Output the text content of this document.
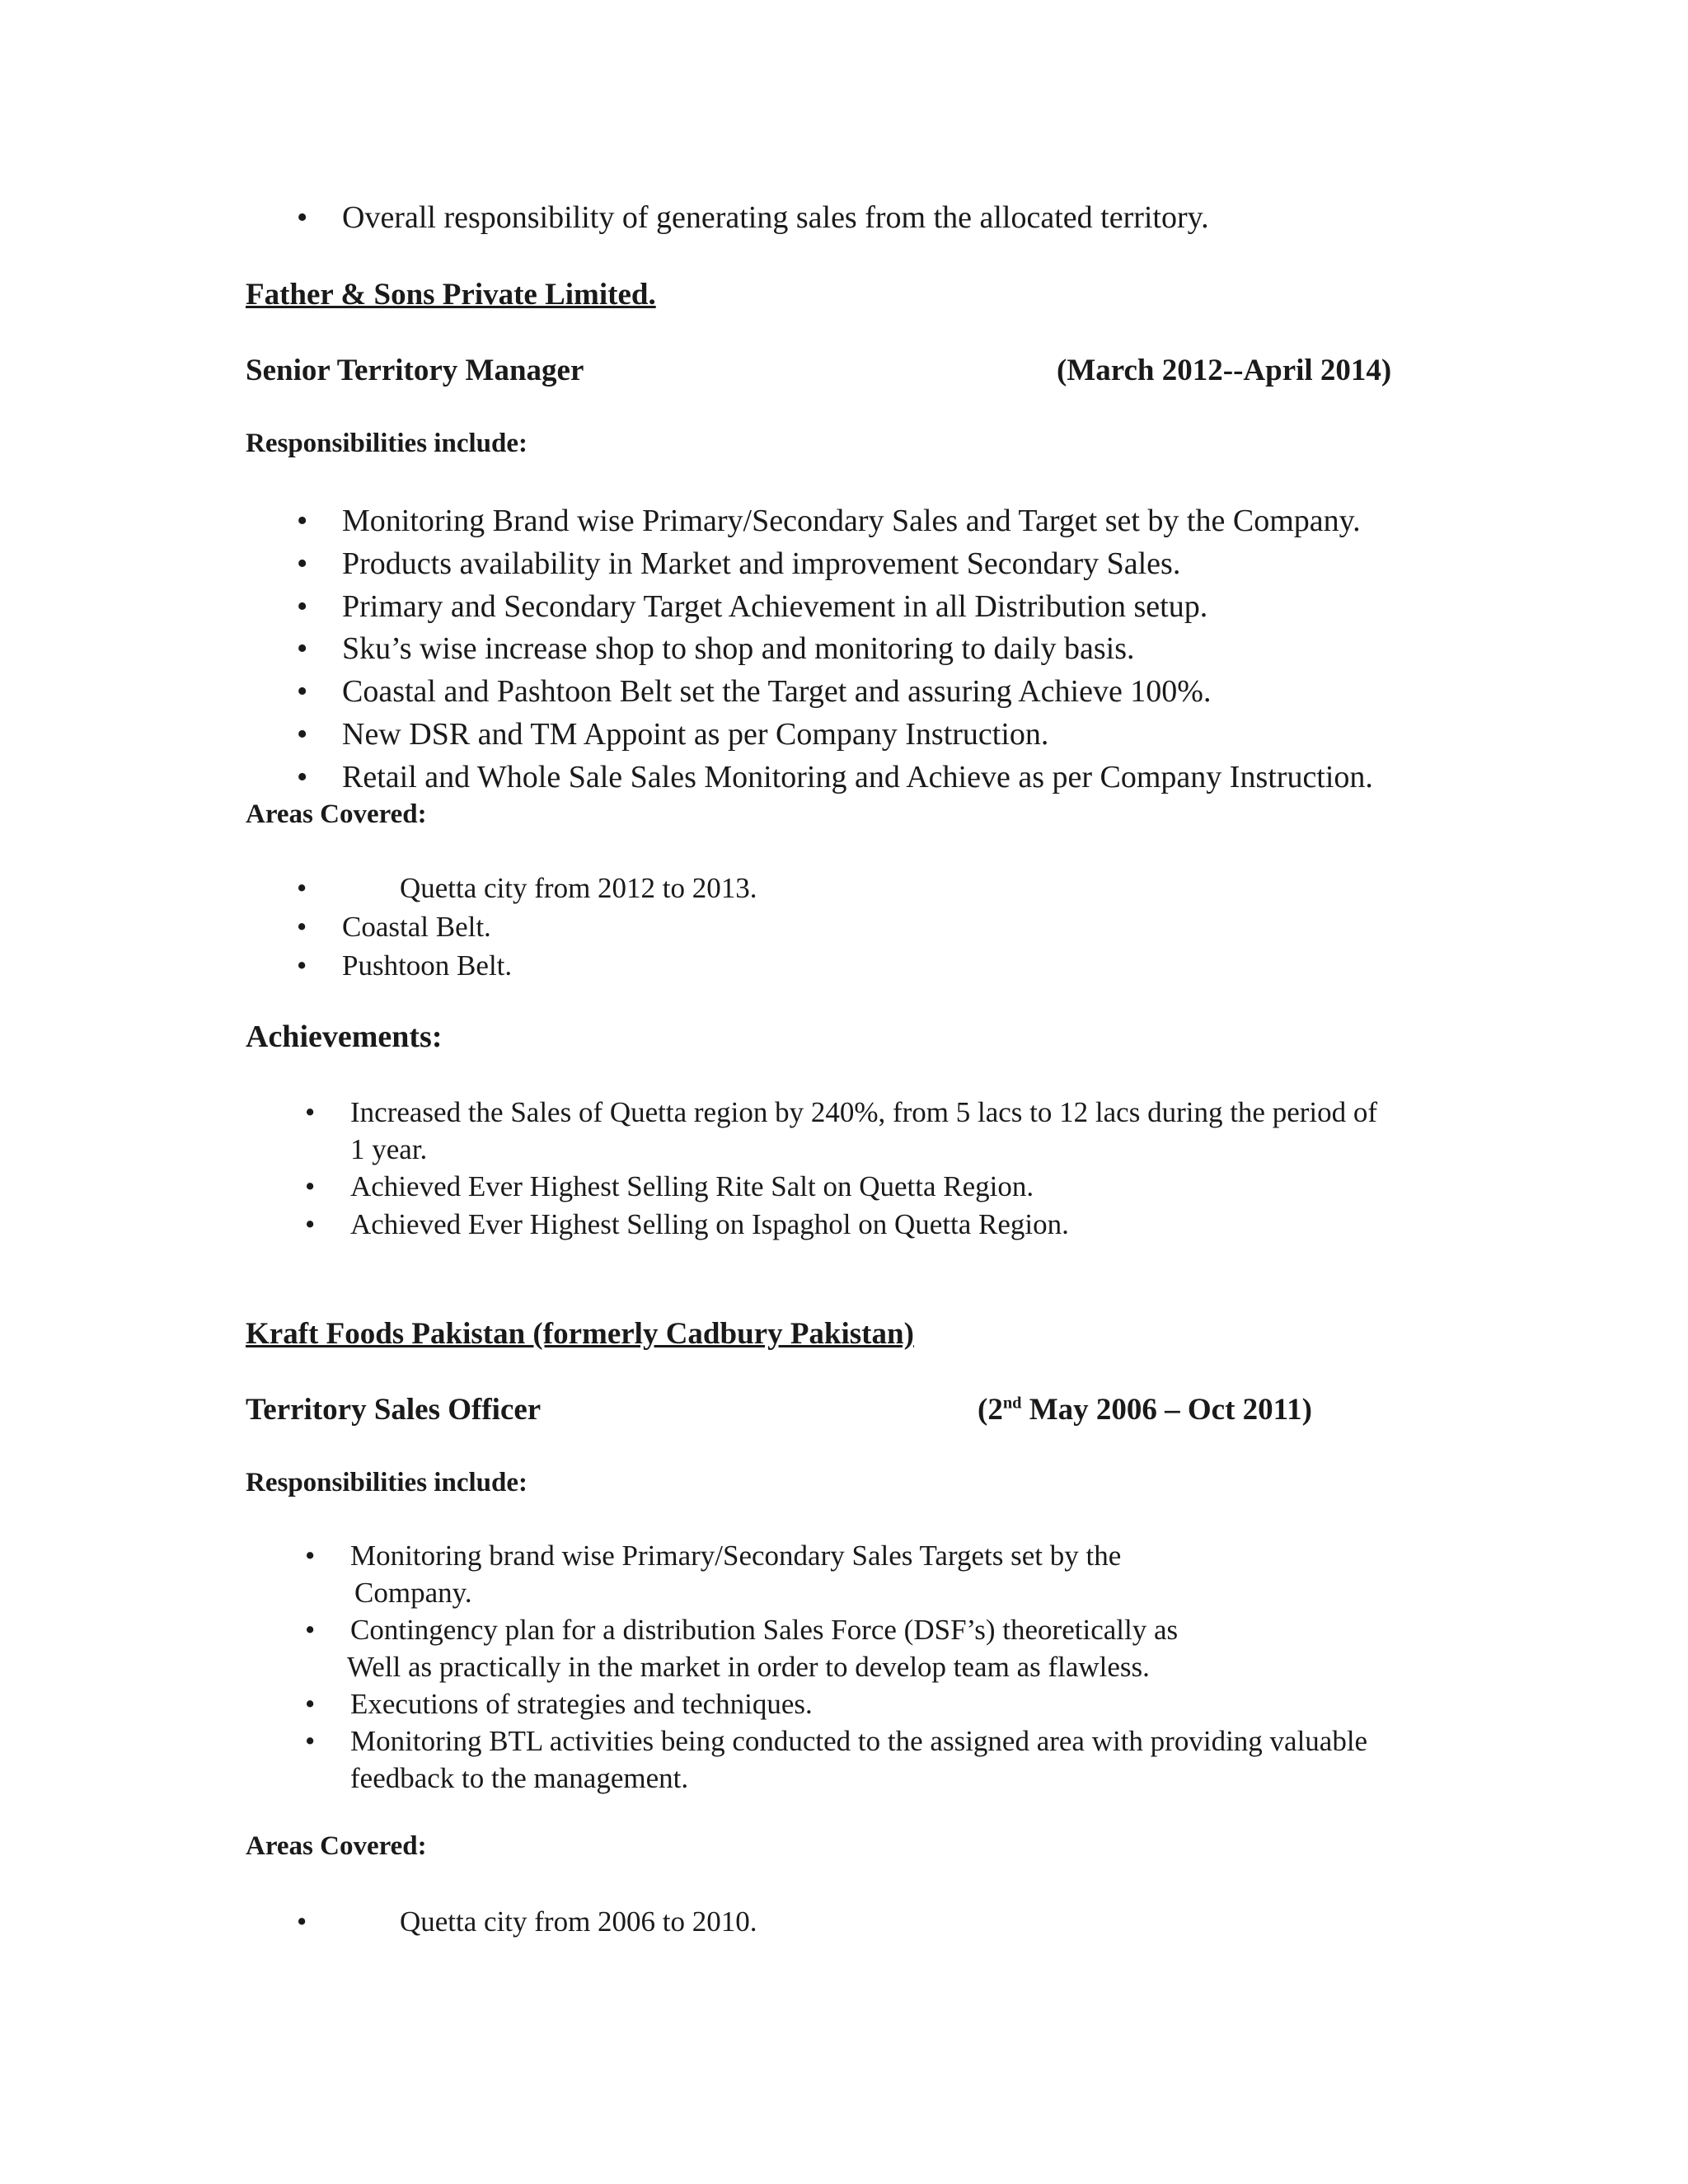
• Overall responsibility of generating sales from the allocated territory.
Father & Sons Private Limited.
Senior Territory Manager	(March 2012--April 2014)
Responsibilities include:
• Monitoring Brand wise Primary/Secondary Sales and Target set by the Company.
• Products availability in Market and improvement Secondary Sales.
• Primary and Secondary Target Achievement in all Distribution setup.
• Sku’s wise increase shop to shop and monitoring to daily basis.
• Coastal and Pashtoon Belt set the Target and assuring Achieve 100%.
• New DSR and TM Appoint as per Company Instruction.
• Retail and Whole Sale Sales Monitoring and Achieve as per Company Instruction.
Areas Covered:
•	Quetta city from 2012 to 2013.
• Coastal Belt.
• Pushtoon Belt.
Achievements:
• Increased the Sales of Quetta region by 240%, from 5 lacs to 12 lacs during the period of
1 year.
• Achieved Ever Highest Selling Rite Salt on Quetta Region.
• Achieved Ever Highest Selling on Ispaghol on Quetta Region.
Kraft Foods Pakistan (formerly Cadbury Pakistan)
Territory Sales Officer	(2nd May 2006 – Oct 2011)
Responsibilities include:
• Monitoring brand wise Primary/Secondary Sales Targets set by the
Company.
• Contingency plan for a distribution Sales Force (DSF’s) theoretically as
Well as practically in the market in order to develop team as flawless.
• Executions of strategies and techniques.
• Monitoring BTL activities being conducted to the assigned area with providing valuable
feedback to the management.
Areas Covered:
•	Quetta city from 2006 to 2010.
